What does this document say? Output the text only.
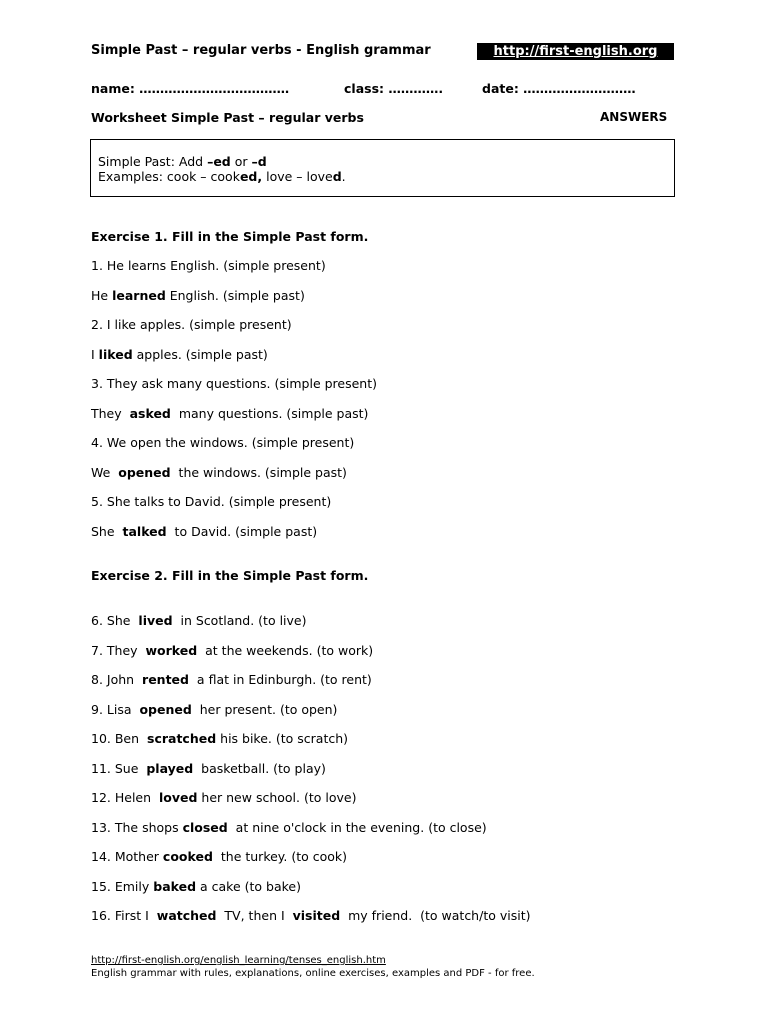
Simple Past – regular verbs - English grammar	http://first-english.org
name: ………………………………	class: ………….	date: ………………………
Worksheet Simple Past – regular verbs	ANSWERS
Simple Past: Add –ed or –d
Examples: cook – cooked, love – loved.
Exercise 1. Fill in the Simple Past form.
1. He learns English. (simple present)
He learned English. (simple past)
2. I like apples. (simple present)
I liked apples. (simple past)
3. They ask many questions. (simple present)
They  asked  many questions. (simple past)
4. We open the windows. (simple present)
We  opened  the windows. (simple past)
5. She talks to David. (simple present)
She  talked  to David. (simple past)
Exercise 2. Fill in the Simple Past form.
6. She  lived  in Scotland. (to live)
7. They  worked  at the weekends. (to work)
8. John  rented  a flat in Edinburgh. (to rent)
9. Lisa  opened  her present. (to open)
10. Ben  scratched his bike. (to scratch)
11. Sue  played  basketball. (to play)
12. Helen  loved her new school. (to love)
13. The shops closed  at nine o'clock in the evening. (to close)
14. Mother cooked  the turkey. (to cook)
15. Emily baked a cake (to bake)
16. First I  watched  TV, then I  visited  my friend.  (to watch/to visit)
http://first-english.org/english_learning/tenses_english.htm
English grammar with rules, explanations, online exercises, examples and PDF - for free.
